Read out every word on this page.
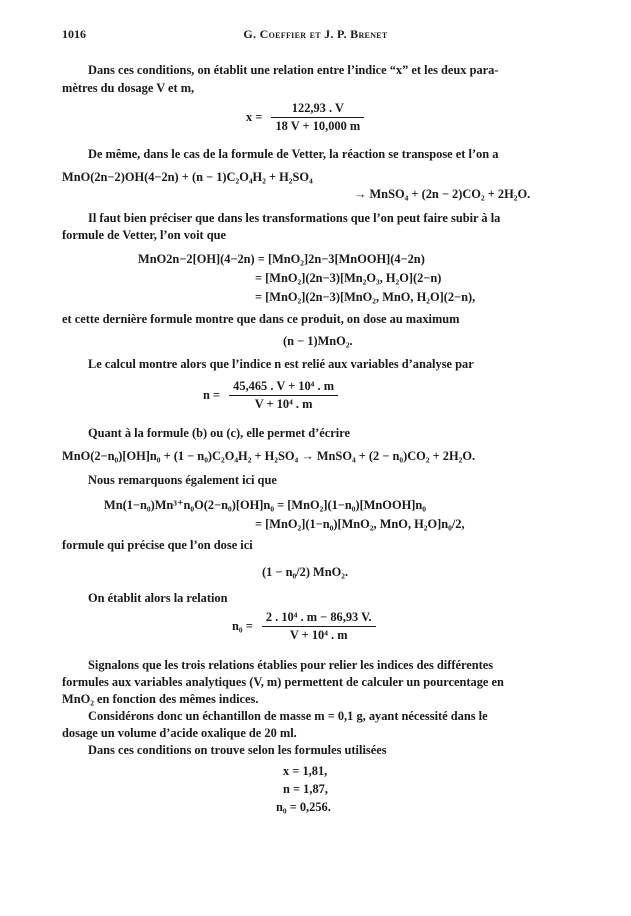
1016	G. Coeffier et J. P. Brenet
Dans ces conditions, on établit une relation entre l’indice “x” et les deux para-
mètres du dosage V et m,
$x = \frac{122,93 . V}{18 V + 10,000 m}$
De même, dans le cas de la formule de Vetter, la réaction se transpose et l’on a
MnO(2n−2)OH(4−2n) + (n − 1)C₂O₄H₂ + H₂SO₄
→ MnSO₄ + (2n − 2)CO₂ + 2H₂O.
Il faut bien préciser que dans les transformations que l’on peut faire subir à la
formule de Vetter, l’on voit que
MnO2n−2[OH](4−2n) = [MnO₂]2n−3[MnOOH](4−2n)
= [MnO₂](2n−3)[Mn₂O₃, H₂O](2−n)
= [MnO₂](2n−3)[MnO₂, MnO, H₂O](2−n),
et cette dernière formule montre que dans ce produit, on dose au maximum
(n − 1)MnO₂.
Le calcul montre alors que l’indice n est relié aux variables d’analyse par
$n = \frac{\text{45,465 . V + 10⁴ . m}}{\text{V + 10⁴ . m}}$
Quant à la formule (b) ou (c), elle permet d’écrire
MnO(2−n₀)[OH]n₀ + (1 − n₀)C₂O₄H₂ + H₂SO₄ → MnSO₄ + (2 − n₀)CO₂ + 2H₂O.
Nous remarquons également ici que
Mn(1−n₀)Mn³⁺n₀O(2−n₀)[OH]n₀ = [MnO₂](1−n₀)[MnOOH]n₀
= [MnO₂](1−n₀)[MnO₂, MnO, H₂O]n₀/2,
formule qui précise que l’on dose ici
(1 − n₀/2) MnO₂.
On établit alors la relation
$n_0 = \frac{\text{2 . 10⁴ . m − 86,93 V.}}{\text{V + 10⁴ . m}}$
Signalons que les trois relations établies pour relier les indices des différentes
formules aux variables analytiques (V, m) permettent de calculer un pourcentage en
MnO₂ en fonction des mêmes indices.
Considérons donc un échantillon de masse m = 0,1 g, ayant nécessité dans le
dosage un volume d’acide oxalique de 20 ml.
Dans ces conditions on trouve selon les formules utilisées
x = 1,81,
n = 1,87,
n₀ = 0,256.
